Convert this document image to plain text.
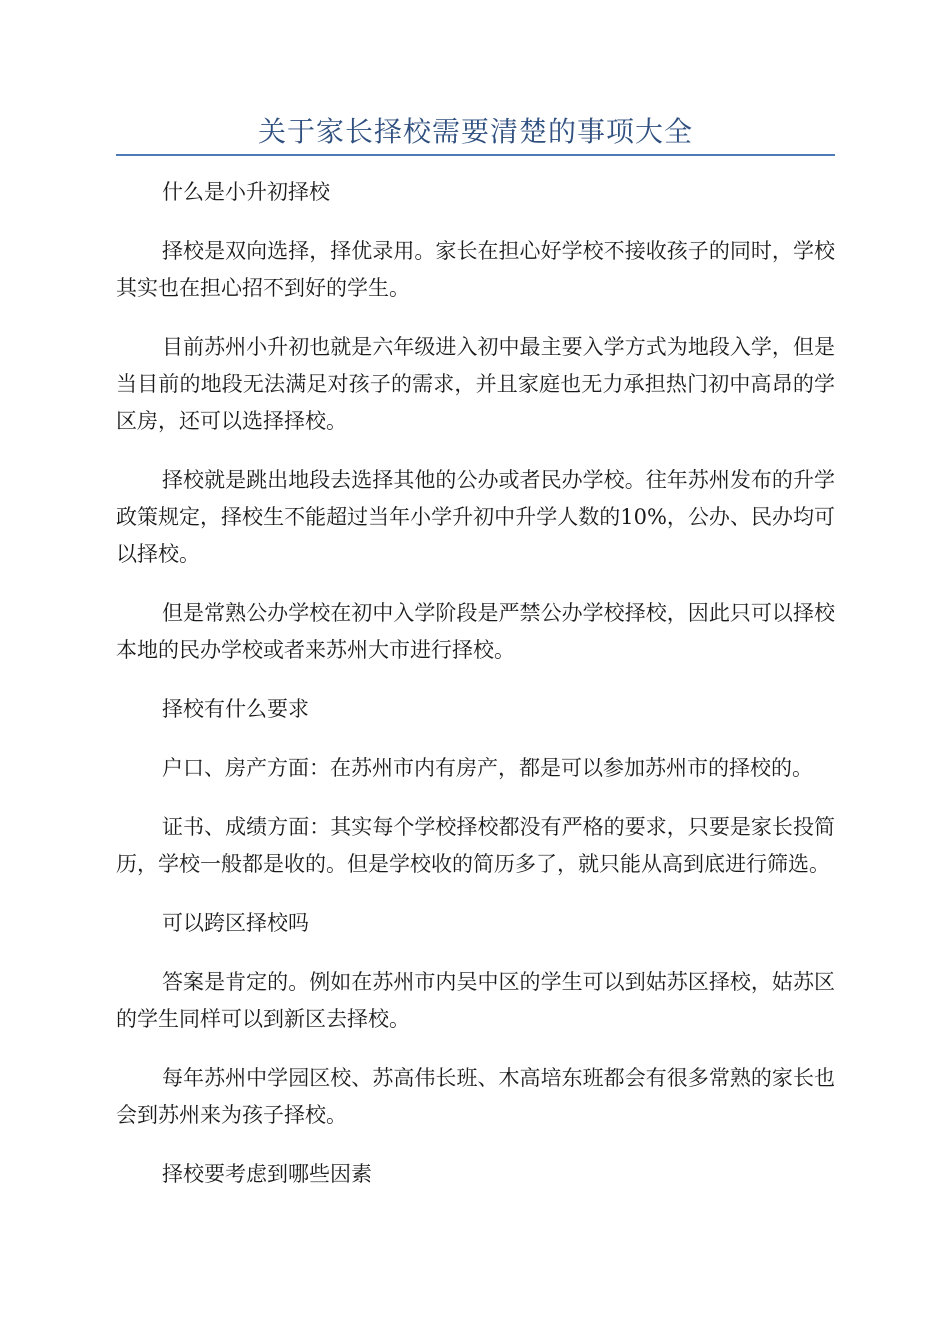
关于家长择校需要清楚的事项大全

什么是小升初择校

择校是双向选择，择优录用。家长在担心好学校不接收孩子的同时，学校其实也在担心招不到好的学生。

目前苏州小升初也就是六年级进入初中最主要入学方式为地段入学，但是当目前的地段无法满足对孩子的需求，并且家庭也无力承担热门初中高昂的学区房，还可以选择择校。

择校就是跳出地段去选择其他的公办或者民办学校。往年苏州发布的升学政策规定，择校生不能超过当年小学升初中升学人数的10%，公办、民办均可以择校。

但是常熟公办学校在初中入学阶段是严禁公办学校择校，因此只可以择校本地的民办学校或者来苏州大市进行择校。

择校有什么要求

户口、房产方面：在苏州市内有房产，都是可以参加苏州市的择校的。

证书、成绩方面：其实每个学校择校都没有严格的要求，只要是家长投简历，学校一般都是收的。但是学校收的简历多了，就只能从高到底进行筛选。

可以跨区择校吗

答案是肯定的。例如在苏州市内吴中区的学生可以到姑苏区择校，姑苏区的学生同样可以到新区去择校。

每年苏州中学园区校、苏高伟长班、木高培东班都会有很多常熟的家长也会到苏州来为孩子择校。

择校要考虑到哪些因素
